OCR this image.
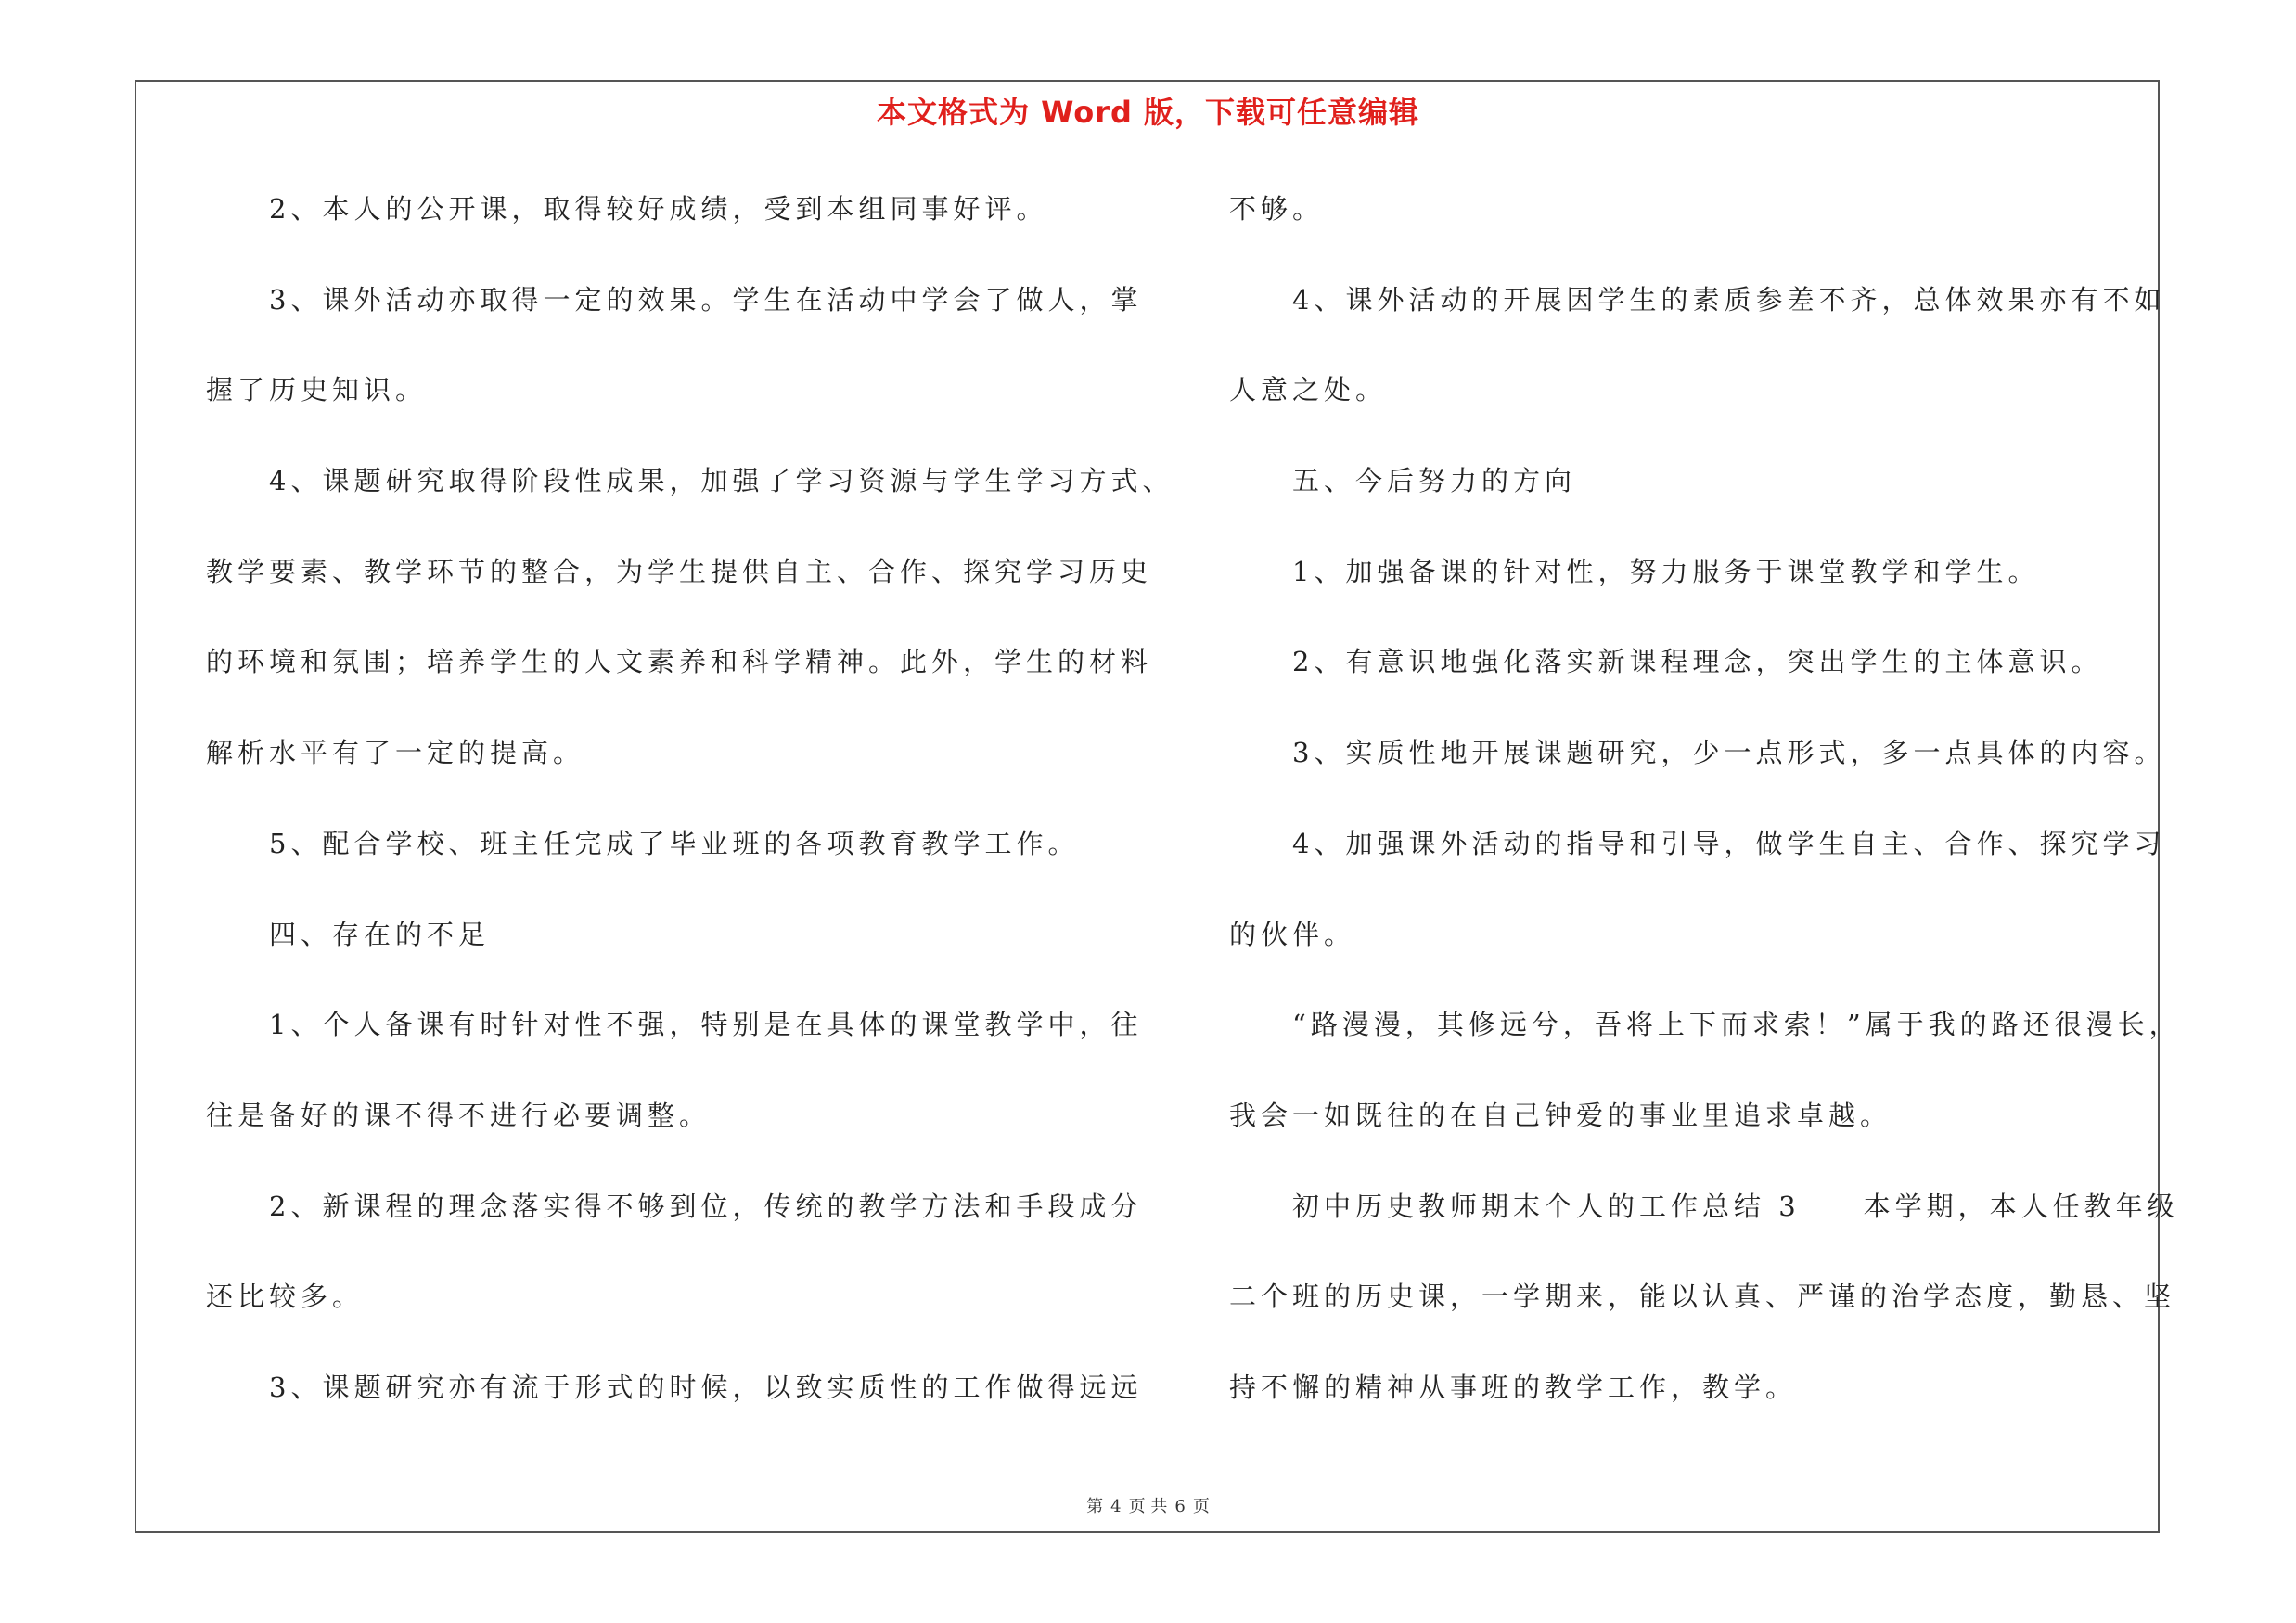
本文格式为 Word 版，下载可任意编辑
2、本人的公开课，取得较好成绩，受到本组同事好评。
3、课外活动亦取得一定的效果。学生在活动中学会了做人，掌
握了历史知识。
4、课题研究取得阶段性成果，加强了学习资源与学生学习方式、
教学要素、教学环节的整合，为学生提供自主、合作、探究学习历史
的环境和氛围；培养学生的人文素养和科学精神。此外，学生的材料
解析水平有了一定的提高。
5、配合学校、班主任完成了毕业班的各项教育教学工作。
四、存在的不足
1、个人备课有时针对性不强，特别是在具体的课堂教学中，往
往是备好的课不得不进行必要调整。
2、新课程的理念落实得不够到位，传统的教学方法和手段成分
还比较多。
3、课题研究亦有流于形式的时候，以致实质性的工作做得远远
不够。
4、课外活动的开展因学生的素质参差不齐，总体效果亦有不如
人意之处。
五、今后努力的方向
1、加强备课的针对性，努力服务于课堂教学和学生。
2、有意识地强化落实新课程理念，突出学生的主体意识。
3、实质性地开展课题研究，少一点形式，多一点具体的内容。
4、加强课外活动的指导和引导，做学生自主、合作、探究学习
的伙伴。
“路漫漫，其修远兮，吾将上下而求索！”属于我的路还很漫长，
我会一如既往的在自己钟爱的事业里追求卓越。
初中历史教师期末个人的工作总结 3　　本学期，本人任教年级
二个班的历史课，一学期来，能以认真、严谨的治学态度，勤恳、坚
持不懈的精神从事班的教学工作，教学。
第 4 页 共 6 页
